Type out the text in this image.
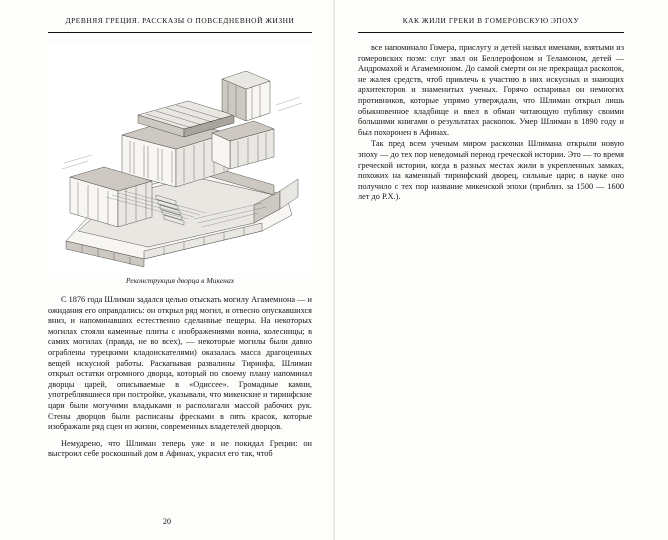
ДРЕВНЯЯ ГРЕЦИЯ. РАССКАЗЫ О ПОВСЕДНЕВНОЙ ЖИЗНИ
Реконструкция дворца в Микенах

С 1876 года Шлиман задался целью отыскать могилу Агамемнона — и ожидания его оправдались: он открыл ряд могил, и отвесно опускавшихся вниз, и напоминавших естественно сделанные пещеры. На некоторых могилах стояли каменные плиты с изображениями воина, колесницы; в самих могилах (правда, не во всех), — некоторые могилы были давно ограблены турецкими кладоискателями) оказалась масса драгоценных вещей искусной работы. Раскапывая развалины Тиринфа, Шлиман открыл остатки огромного дворца, который по своему плану напоминал дворцы царей, описываемые в «Одиссее». Громадные камни, употреблявшиеся при постройке, указывали, что микенские и тиринфские цари были могучими владыками и располагали массой рабочих рук. Стены дворцов были расписаны фресками в пять красок, которые изображали ряд сцен из жизни, современных владетелей дворцов.

Немудрено, что Шлиман теперь уже и не покидал Греции: он выстроил себе роскошный дом в Афинах, украсил его так, чтоб

20
КАК ЖИЛИ ГРЕКИ В ГОМЕРОВСКУЮ ЭПОХУ

все напоминало Гомера, прислугу и детей назвал именами, взятыми из гомеровских поэм: слуг звал он Беллерофоном и Теламоном, детей — Андромахой и Агамемноном. До самой смерти он не прекращал раскопок, не жалея средств, чтоб привлечь к участию в них искусных и знающих архитекторов и знаменитых ученых. Горячо оспаривал он немногих противников, которые упрямо утверждали, что Шлиман открыл лишь обыкновенное кладбище и ввел в обман читающую публику своими большими книгами о результатах раскопок. Умер Шлиман в 1890 году и был похоронен в Афинах.

Так пред всем ученым миром раскопки Шлимана открыли новую эпоху — до тех пор неведомый период греческой истории. Это — то время греческой истории, когда в разных местах жили в укрепленных замках, похожих на каменный тиринфский дворец, сильные цари; в науке оно получило с тех пор название микенской эпохи (приблиз. за 1500 — 1600 лет до Р.Х.).
